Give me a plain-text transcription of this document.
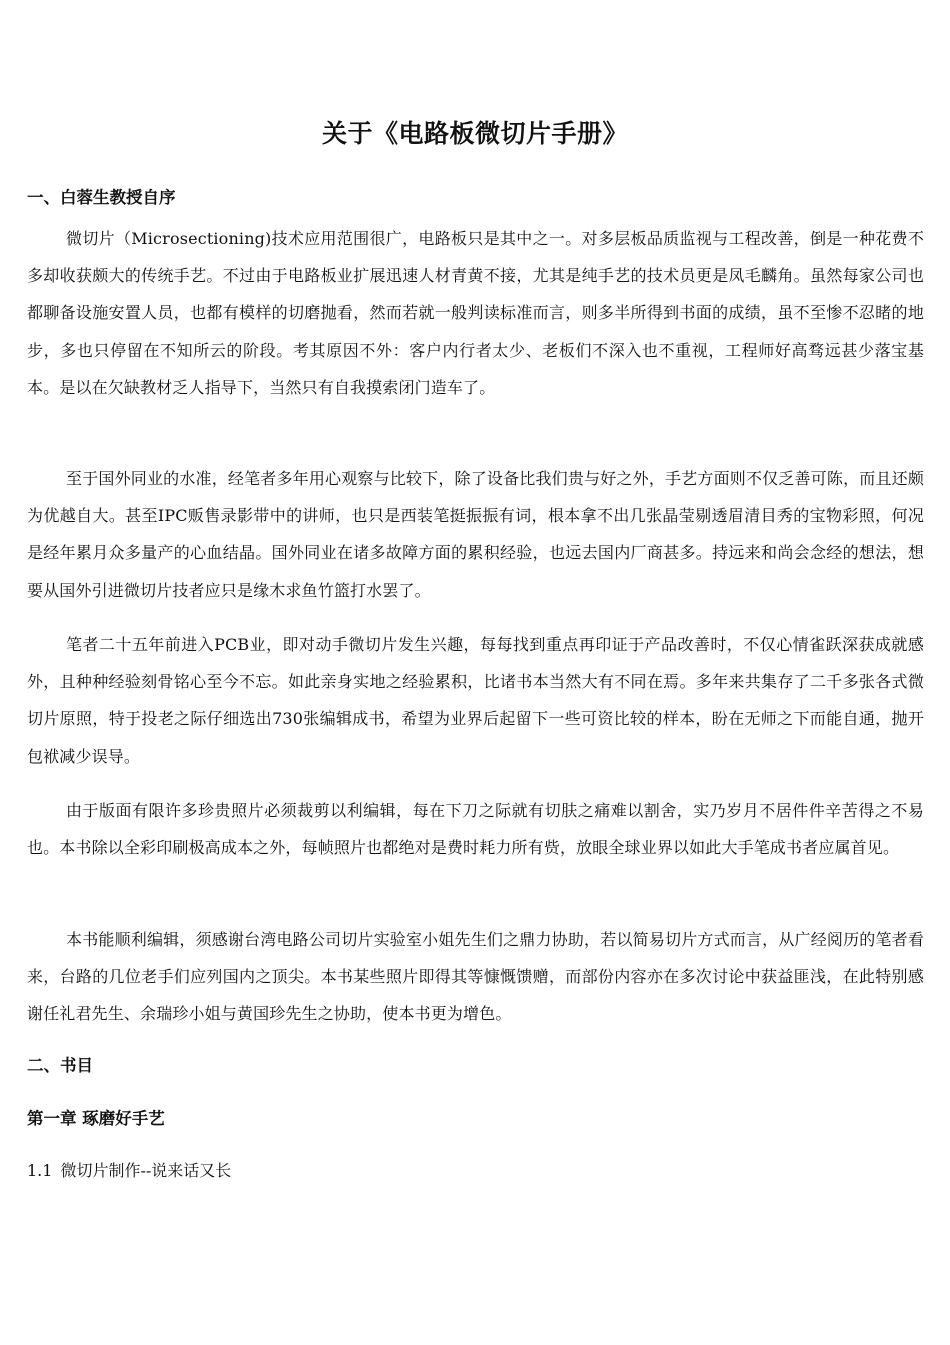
关于《电路板微切片手册》
一、白蓉生教授自序

微切片（Microsectioning)技术应用范围很广，电路板只是其中之一。对多层板品质监视与工程改善，倒是一种花费不多却收获颇大的传统手艺。不过由于电路板业扩展迅速人材青黄不接，尤其是纯手艺的技术员更是凤毛麟角。虽然每家公司也都聊备设施安置人员，也都有模样的切磨抛看，然而若就一般判读标准而言，则多半所得到书面的成绩，虽不至惨不忍睹的地步，多也只停留在不知所云的阶段。考其原因不外：客户内行者太少、老板们不深入也不重视，工程师好高骛远甚少落宝基本。是以在欠缺教材乏人指导下，当然只有自我摸索闭门造车了。

至于国外同业的水准，经笔者多年用心观察与比较下，除了设备比我们贵与好之外，手艺方面则不仅乏善可陈，而且还颇为优越自大。甚至IPC贩售录影带中的讲师，也只是西装笔挺振振有词，根本拿不出几张晶莹剔透眉清目秀的宝物彩照，何况是经年累月众多量产的心血结晶。国外同业在诸多故障方面的累积经验，也远去国内厂商甚多。持远来和尚会念经的想法，想要从国外引进微切片技者应只是缘木求鱼竹篮打水罢了。

笔者二十五年前进入PCB业，即对动手微切片发生兴趣，每每找到重点再印证于产品改善时，不仅心情雀跃深获成就感外，且种种经验刻骨铭心至今不忘。如此亲身实地之经验累积，比诸书本当然大有不同在焉。多年来共集存了二千多张各式微切片原照，特于投老之际仔细选出730张编辑成书，希望为业界后起留下一些可资比较的样本，盼在无师之下而能自通，抛开包袱减少误导。

由于版面有限许多珍贵照片必须裁剪以利编辑，每在下刀之际就有切肤之痛难以割舍，实乃岁月不居件件辛苦得之不易也。本书除以全彩印刷极高成本之外，每帧照片也都绝对是费时耗力所有赀，放眼全球业界以如此大手笔成书者应属首见。

本书能顺利编辑，须感谢台湾电路公司切片实验室小姐先生们之鼎力协助，若以简易切片方式而言，从广经阅历的笔者看来，台路的几位老手们应列国内之顶尖。本书某些照片即得其等慷慨馈赠，而部份内容亦在多次讨论中获益匪浅，在此特别感谢任礼君先生、余瑞珍小姐与黄国珍先生之协助，使本书更为增色。

二、书目
第一章 琢磨好手艺
1.1 微切片制作--说来话又长
